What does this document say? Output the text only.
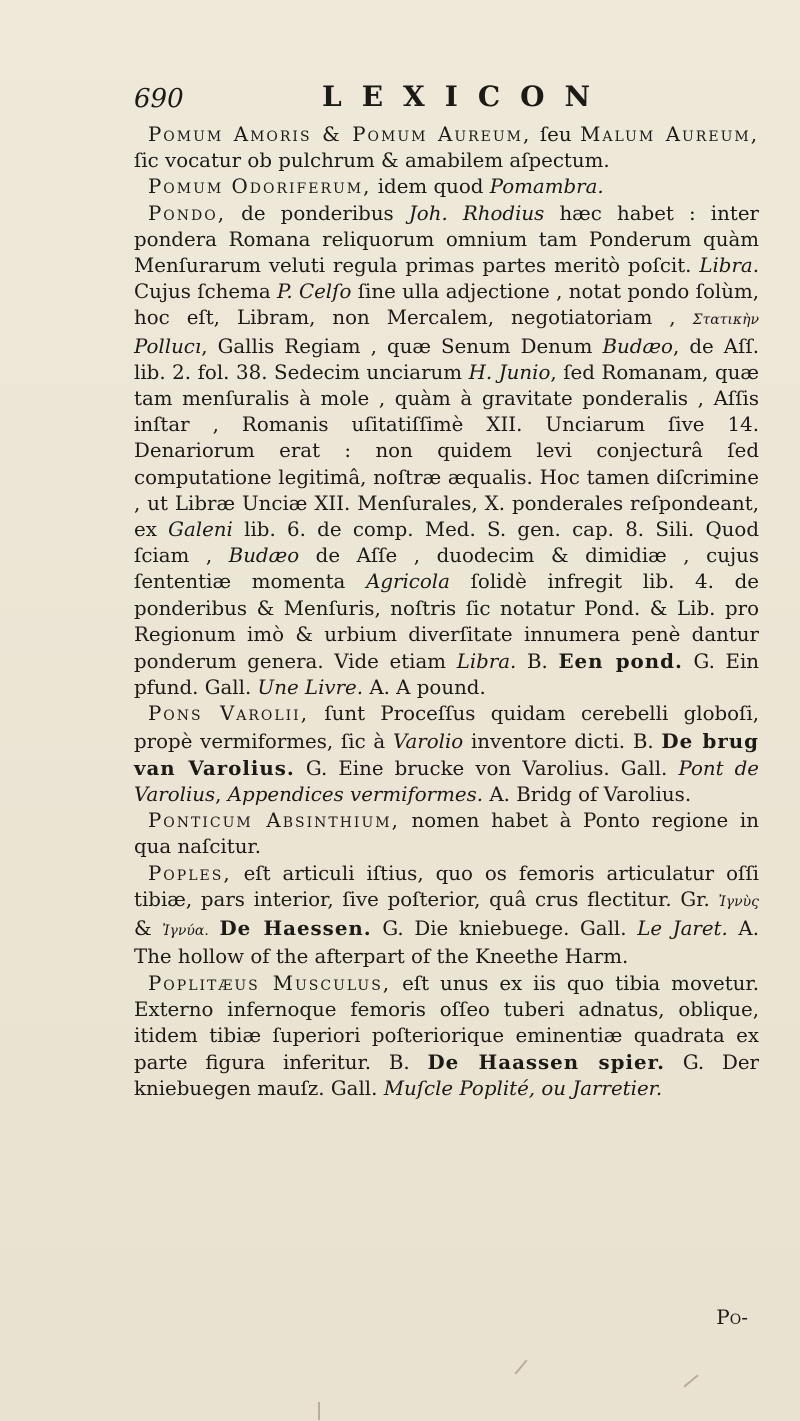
690	LEXICON

Pomum Amoris & Pomum Aureum, ſeu Malum Aureum, ſic vocatur ob pulchrum & amabilem aſpectum.

Pomum Odoriferum, idem quod Pomambra.

Pondo, de ponderibus Joh. Rhodius hæc habet : inter pondera Romana reliquorum omnium tam Ponderum quàm Menſurarum veluti regula primas partes meritò poſcit. Libra. Cujus ſchema P. Celſo ſine ulla adjectione , notat pondo ſolùm, hoc eſt, Libram, non Mercalem, negotiatoriam , Στατικὴν Pollucı, Gallis Regiam , quæ Senum Denum Budæo, de Aſſ. lib. 2. fol. 38. Sedecim unciarum H. Junio, ſed Romanam, quæ tam menſuralis à mole , quàm à gravitate ponderalis , Aſſis inſtar , Romanis uſitatiſſimè XII. Unciarum ſive 14. Denariorum erat : non quidem levi conjecturâ ſed computatione legitimâ, noſtræ æqualis. Hoc tamen diſcrimine , ut Libræ Unciæ XII. Menſurales, X. ponderales reſpondeant, ex Galeni lib. 6. de comp. Med. S. gen. cap. 8. Sili. Quod ſciam , Budæo de Aſſe , duodecim & dimidiæ , cujus ſententiæ momenta Agricola ſolidè infregit lib. 4. de ponderibus & Menſuris, noſtris ſic notatur Pond. & Lib. pro Regionum imò & urbium diverſitate innumera penè dantur ponderum genera. Vide etiam Libra. B. Een pond. G. Ein pfund. Gall. Une Livre. A. A pound.

Pons Varolii, ſunt Proceſſus quidam cerebelli globoſi, propè vermiformes, ſic à Varolio inventore dicti. B. De brug van Varolius. G. Eine brucke von Varolius. Gall. Pont de Varolius, Appendices vermiformes. A. Bridg of Varolius.

Ponticum Absinthium, nomen habet à Ponto regione in qua naſcitur.

Poples, eſt articuli iſtius, quo os femoris articulatur oſſi tibiæ, pars interior, ſive poſterior, quâ crus flectitur. Gr. Ἰγνὺς & Ἰγνύα. De Haessen. G. Die kniebuege. Gall. Le Jaret. A. The hollow of the afterpart of the Kneethe Harm.

Poplitæus Musculus, eſt unus ex iis quo tibia movetur. Externo infernoque femoris oſſeo tuberi adnatus, oblique, itidem tibiæ ſuperiori poſteriorique eminentiæ quadrata ex parte figura inferitur. B. De Haassen spier. G. Der kniebuegen mauſz. Gall. Muſcle Poplité, ou Jarretier.

Po-
